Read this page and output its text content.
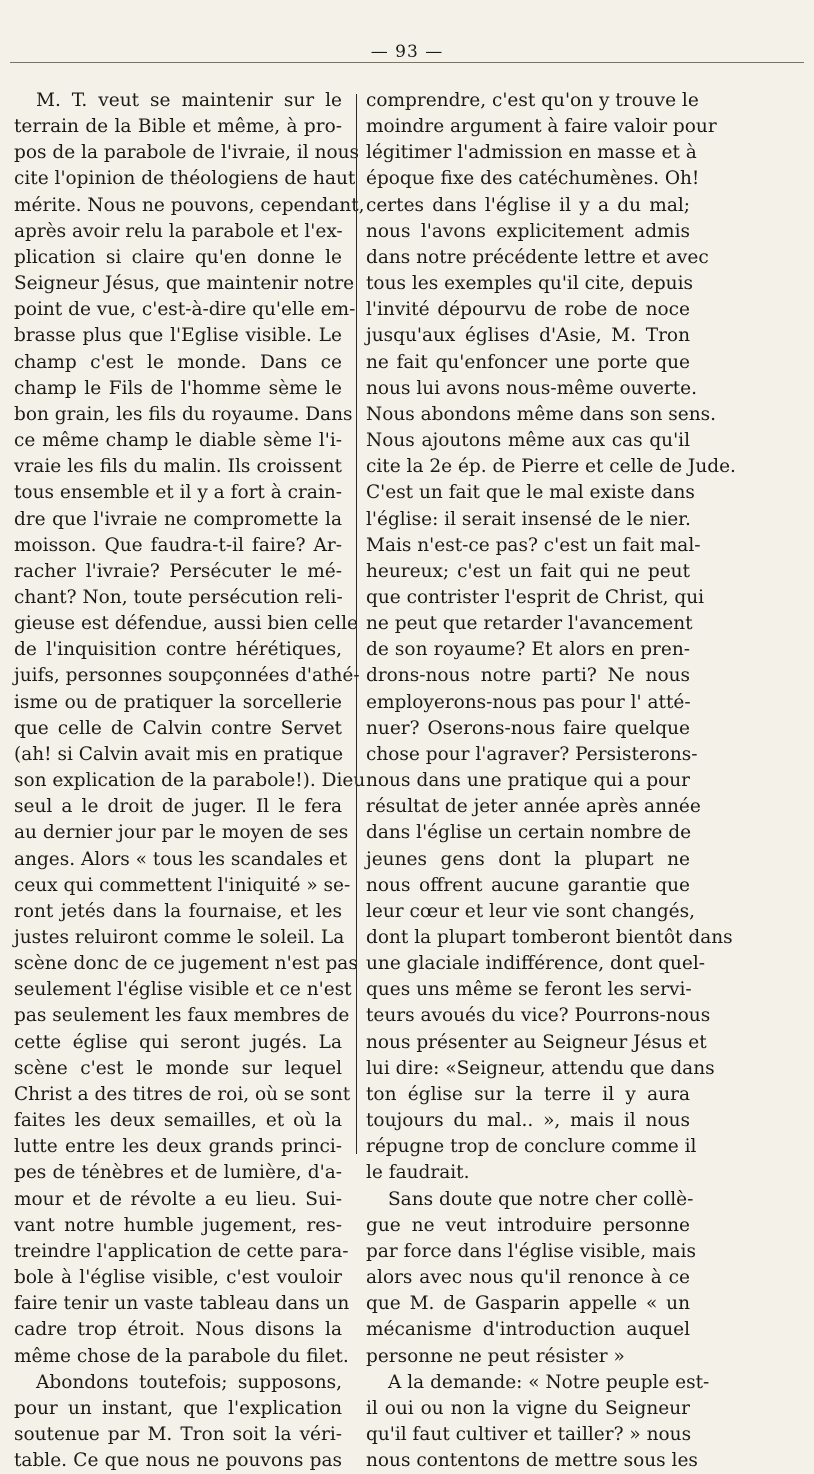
— 93 —
M. T. veut se maintenir sur le
terrain de la Bible et même, à pro-
pos de la parabole de l'ivraie, il nous
cite l'opinion de théologiens de haut
mérite. Nous ne pouvons, cependant,
après avoir relu la parabole et l'ex-
plication si claire qu'en donne le
Seigneur Jésus, que maintenir notre
point de vue, c'est-à-dire qu'elle em-
brasse plus que l'Eglise visible. Le
champ c'est le monde. Dans ce
champ le Fils de l'homme sème le
bon grain, les fils du royaume. Dans
ce même champ le diable sème l'i-
vraie les fils du malin. Ils croissent
tous ensemble et il y a fort à crain-
dre que l'ivraie ne compromette la
moisson. Que faudra-t-il faire? Ar-
racher l'ivraie? Persécuter le mé-
chant? Non, toute persécution reli-
gieuse est défendue, aussi bien celle
de l'inquisition contre hérétiques,
juifs, personnes soupçonnées d'athé-
isme ou de pratiquer la sorcellerie
que celle de Calvin contre Servet
(ah! si Calvin avait mis en pratique
son explication de la parabole!). Dieu
seul a le droit de juger. Il le fera
au dernier jour par le moyen de ses
anges. Alors « tous les scandales et
ceux qui commettent l'iniquité » se-
ront jetés dans la fournaise, et les
justes reluiront comme le soleil. La
scène donc de ce jugement n'est pas
seulement l'église visible et ce n'est
pas seulement les faux membres de
cette église qui seront jugés. La
scène c'est le monde sur lequel
Christ a des titres de roi, où se sont
faites les deux semailles, et où la
lutte entre les deux grands princi-
pes de ténèbres et de lumière, d'a-
mour et de révolte a eu lieu. Sui-
vant notre humble jugement, res-
treindre l'application de cette para-
bole à l'église visible, c'est vouloir
faire tenir un vaste tableau dans un
cadre trop étroit. Nous disons la
même chose de la parabole du filet.
Abondons toutefois; supposons,
pour un instant, que l'explication
soutenue par M. Tron soit la véri-
table. Ce que nous ne pouvons pas
comprendre, c'est qu'on y trouve le
moindre argument à faire valoir pour
légitimer l'admission en masse et à
époque fixe des catéchumènes. Oh!
certes dans l'église il y a du mal;
nous l'avons explicitement admis
dans notre précédente lettre et avec
tous les exemples qu'il cite, depuis
l'invité dépourvu de robe de noce
jusqu'aux églises d'Asie, M. Tron
ne fait qu'enfoncer une porte que
nous lui avons nous-même ouverte.
Nous abondons même dans son sens.
Nous ajoutons même aux cas qu'il
cite la 2e ép. de Pierre et celle de Jude.
C'est un fait que le mal existe dans
l'église: il serait insensé de le nier.
Mais n'est-ce pas? c'est un fait mal-
heureux; c'est un fait qui ne peut
que contrister l'esprit de Christ, qui
ne peut que retarder l'avancement
de son royaume? Et alors en pren-
drons-nous notre parti? Ne nous
employerons-nous pas pour l' atté-
nuer? Oserons-nous faire quelque
chose pour l'agraver? Persisterons-
nous dans une pratique qui a pour
résultat de jeter année après année
dans l'église un certain nombre de
jeunes gens dont la plupart ne
nous offrent aucune garantie que
leur cœur et leur vie sont changés,
dont la plupart tomberont bientôt dans
une glaciale indifférence, dont quel-
ques uns même se feront les servi-
teurs avoués du vice? Pourrons-nous
nous présenter au Seigneur Jésus et
lui dire: «Seigneur, attendu que dans
ton église sur la terre il y aura
toujours du mal.. », mais il nous
répugne trop de conclure comme il
le faudrait.
Sans doute que notre cher collè-
gue ne veut introduire personne
par force dans l'église visible, mais
alors avec nous qu'il renonce à ce
que M. de Gasparin appelle « un
mécanisme d'introduction auquel
personne ne peut résister »
A la demande: « Notre peuple est-
il oui ou non la vigne du Seigneur
qu'il faut cultiver et tailler? » nous
nous contentons de mettre sous les
